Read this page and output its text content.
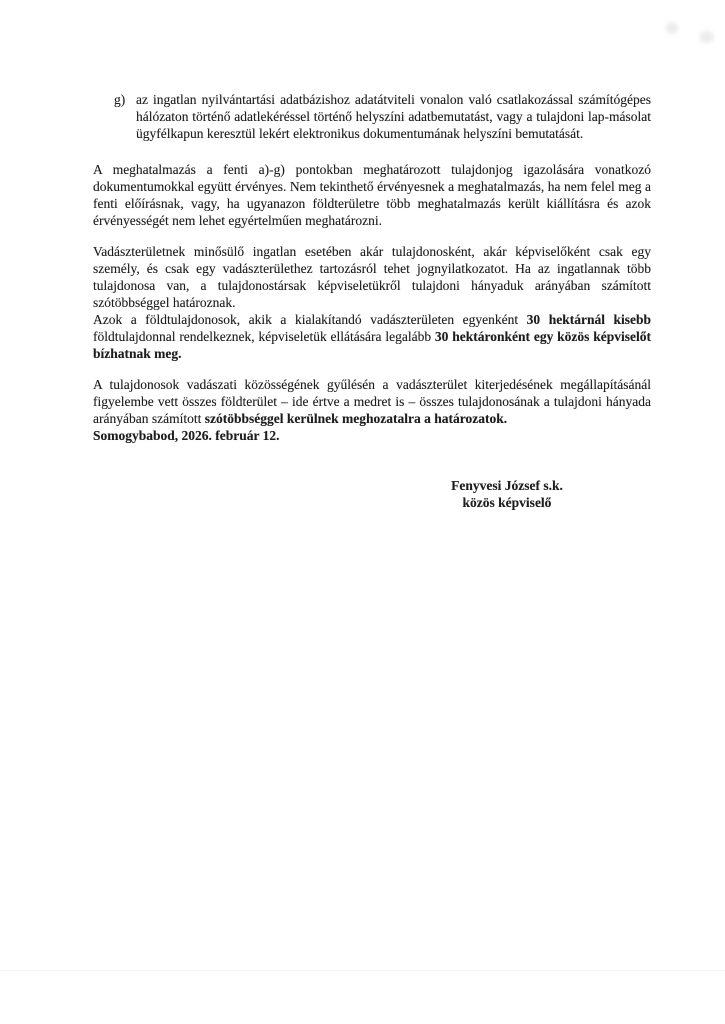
g) az ingatlan nyilvántartási adatbázishoz adatátviteli vonalon való csatlakozással számítógépes hálózaton történő adatlekéréssel történő helyszíni adatbemutatást, vagy a tulajdoni lap-másolat ügyfélkapun keresztül lekért elektronikus dokumentumának helyszíni bemutatását.

A meghatalmazás a fenti a)-g) pontokban meghatározott tulajdonjog igazolására vonatkozó dokumentumokkal együtt érvényes. Nem tekinthető érvényesnek a meghatalmazás, ha nem felel meg a fenti előírásnak, vagy, ha ugyanazon földterületre több meghatalmazás került kiállításra és azok érvényességét nem lehet egyértelműen meghatározni.

Vadászterületnek minősülő ingatlan esetében akár tulajdonosként, akár képviselőként csak egy személy, és csak egy vadászterülethez tartozásról tehet jognyilatkozatot. Ha az ingatlannak több tulajdonosa van, a tulajdonostársak képviseletükről tulajdoni hányaduk arányában számított szótöbbséggel határoznak.

Azok a földtulajdonosok, akik a kialakítandó vadászterületen egyenként 30 hektárnál kisebb földtulajdonnal rendelkeznek, képviseletük ellátására legalább 30 hektáronként egy közös képviselőt bízhatnak meg.

A tulajdonosok vadászati közösségének gyűlésén a vadászterület kiterjedésének megállapításánál figyelembe vett összes földterület – ide értve a medret is – összes tulajdonosának a tulajdoni hányada arányában számított szótöbbséggel kerülnek meghozatalra a határozatok.

Somogybabod, 2026. február 12.

Fenyvesi József s.k.
közös képviselő
